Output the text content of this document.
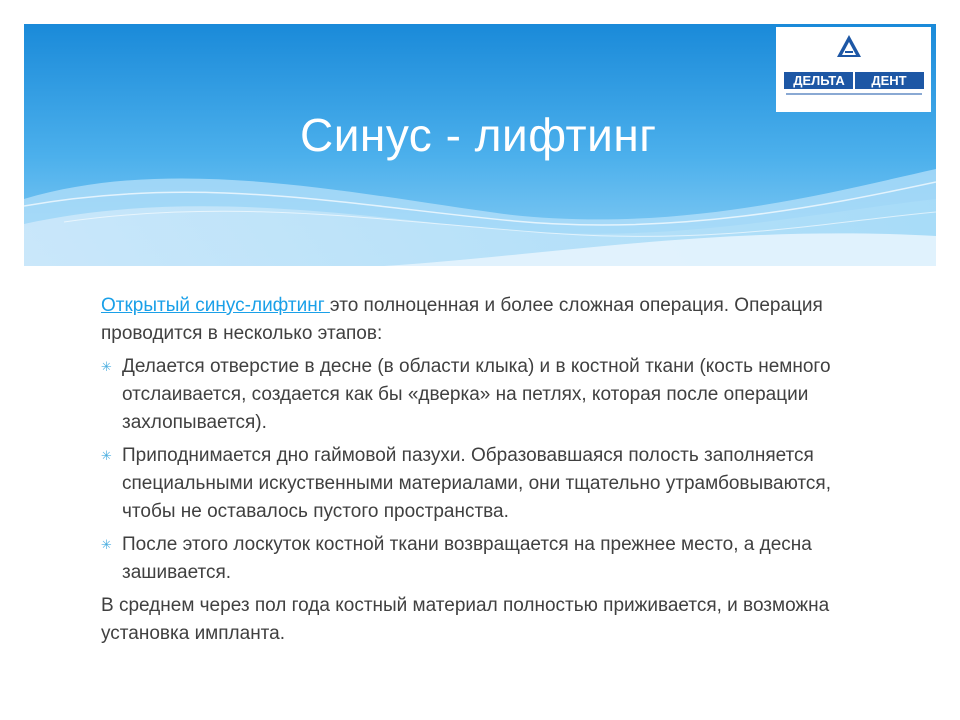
ДЕЛЬТА ДЕНТ
Синус - лифтинг

Открытый синус-лифтинг это полноценная и более сложная операция. Операция проводится в несколько этапов:

✳ Делается отверстие в десне (в области клыка) и в костной ткани (кость немного отслаивается, создается как бы «дверка» на петлях, которая после операции захлопывается).
✳ Приподнимается дно гаймовой пазухи. Образовавшаяся полость заполняется специальными искуственными материалами, они тщательно утрамбовываются, чтобы не оставалось пустого пространства.
✳ После этого лоскуток костной ткани возвращается на прежнее место, а десна зашивается.

В среднем через пол года костный материал полностью приживается, и возможна установка импланта.
